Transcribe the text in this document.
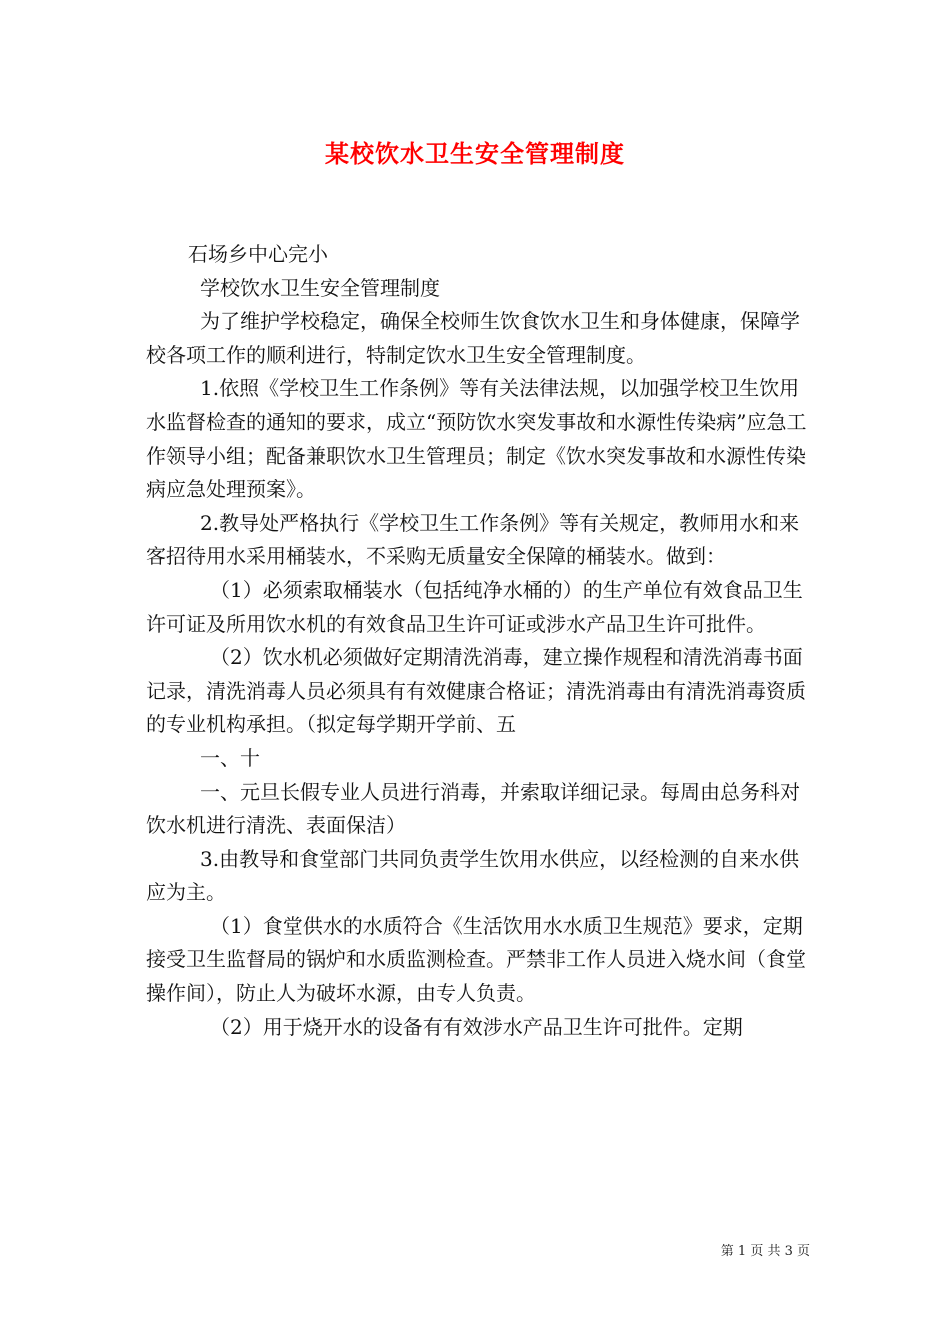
某校饮水卫生安全管理制度

石场乡中心完小

学校饮水卫生安全管理制度

为了维护学校稳定，确保全校师生饮食饮水卫生和身体健康，保障学校各项工作的顺利进行，特制定饮水卫生安全管理制度。

1.依照《学校卫生工作条例》等有关法律法规，以加强学校卫生饮用水监督检查的通知的要求，成立“预防饮水突发事故和水源性传染病”应急工作领导小组；配备兼职饮水卫生管理员；制定《饮水突发事故和水源性传染病应急处理预案》。

2.教导处严格执行《学校卫生工作条例》等有关规定，教师用水和来客招待用水采用桶装水，不采购无质量安全保障的桶装水。做到：

（1）必须索取桶装水（包括纯净水桶的）的生产单位有效食品卫生许可证及所用饮水机的有效食品卫生许可证或涉水产品卫生许可批件。

（2）饮水机必须做好定期清洗消毒，建立操作规程和清洗消毒书面记录，清洗消毒人员必须具有有效健康合格证；清洗消毒由有清洗消毒资质的专业机构承担。（拟定每学期开学前、五

一、十

一、元旦长假专业人员进行消毒，并索取详细记录。每周由总务科对饮水机进行清洗、表面保洁）

3.由教导和食堂部门共同负责学生饮用水供应，以经检测的自来水供应为主。

（1）食堂供水的水质符合《生活饮用水水质卫生规范》要求，定期接受卫生监督局的锅炉和水质监测检查。严禁非工作人员进入烧水间（食堂操作间），防止人为破坏水源，由专人负责。

（2）用于烧开水的设备有有效涉水产品卫生许可批件。定期

第 1 页 共 3 页
